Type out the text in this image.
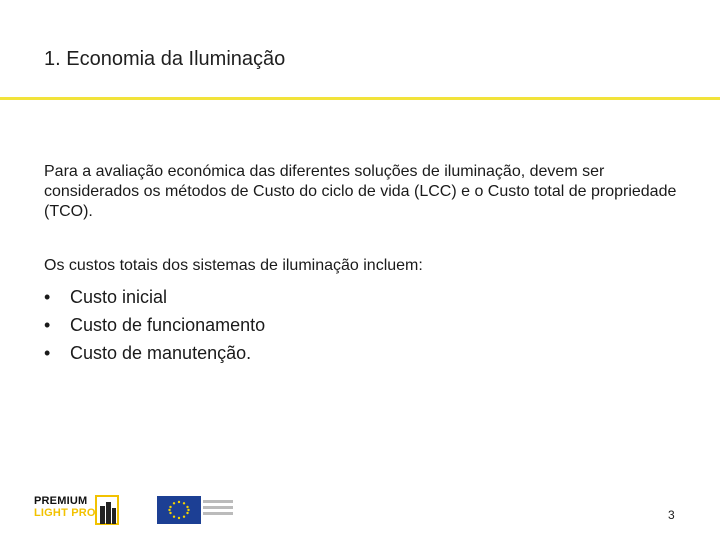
1. Economia da Iluminação

Para a avaliação económica das diferentes soluções de iluminação, devem ser considerados os métodos de Custo do ciclo de vida (LCC) e o Custo total de propriedade (TCO).

Os custos totais dos sistemas de iluminação incluem:

•	Custo inicial
•	Custo de funcionamento
•	Custo de manutenção.
PREMIUM
LIGHT PRO	3
